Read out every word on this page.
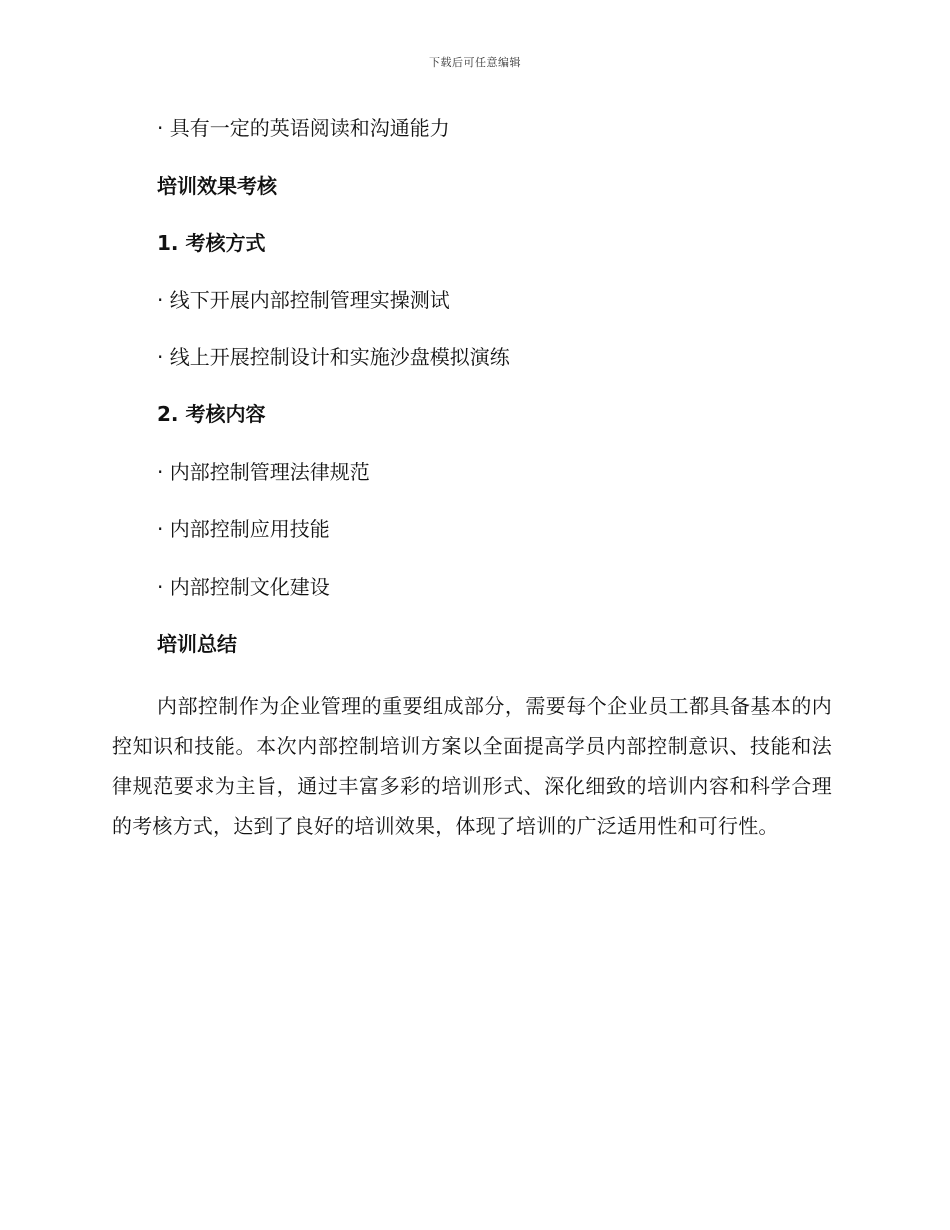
下载后可任意编辑
· 具有一定的英语阅读和沟通能力
培训效果考核
1. 考核方式
· 线下开展内部控制管理实操测试
· 线上开展控制设计和实施沙盘模拟演练
2. 考核内容
· 内部控制管理法律规范
· 内部控制应用技能
· 内部控制文化建设
培训总结
内部控制作为企业管理的重要组成部分，需要每个企业员工都具备基本的内控知识和技能。本次内部控制培训方案以全面提高学员内部控制意识、技能和法律规范要求为主旨，通过丰富多彩的培训形式、深化细致的培训内容和科学合理的考核方式，达到了良好的培训效果，体现了培训的广泛适用性和可行性。
